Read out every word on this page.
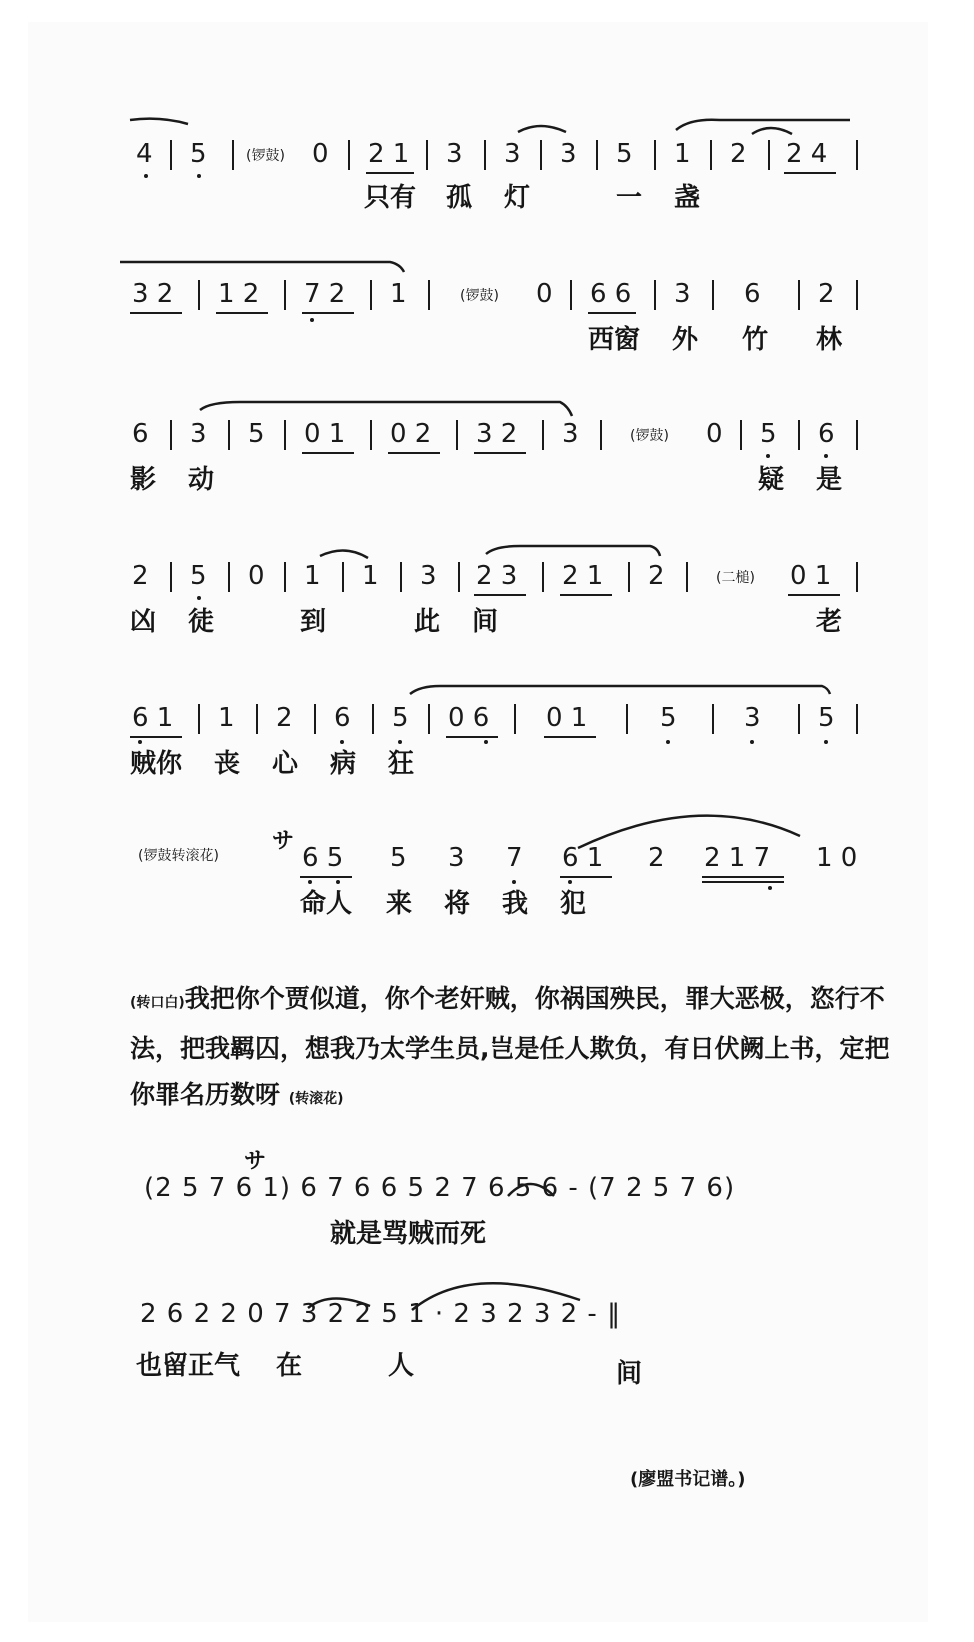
4 5	(锣鼓) 0 2 1 3 3 3 5 1 2 2 4
只有 孤 灯	一 盏
3 2 1 2 7 2 1	(锣鼓) 0 6 6 3 6 2
西窗 外 竹 林
6 3 5 0 1 0 2 3 2 3	(锣鼓) 0 5 6
影 动	疑 是
2 5 0 1 1 3 2 3 2 1 2	(二槌) 0 1
凶 徒	到	此 间	老
6 1 1 2 6 5 0 6 0 1	5	3 5
贼你 丧 心 病 狂
(锣鼓转滚花)
サ
6 5 5 3 7 6 1 2 2 1 7 1 0
命人 来 将 我 犯
(转口白)我把你个贾似道，你个老奸贼，你祸国殃民，罪大恶极，恣行不法，把我羁囚，想我乃太学生员,岂是任人欺负，有日伏阙上书，定把你罪名历数呀 (转滚花)
サ
(2 5 7 6 1) 6 7 6 6 5 2 7 6 5 6 - (7 2 5 7 6)
就是骂贼而死
2 6 2 2 0 7 3 2 2 5 1 · 2 3 2 3 2 - ‖
也留正气 在	人	间
(廖盟书记谱。)
